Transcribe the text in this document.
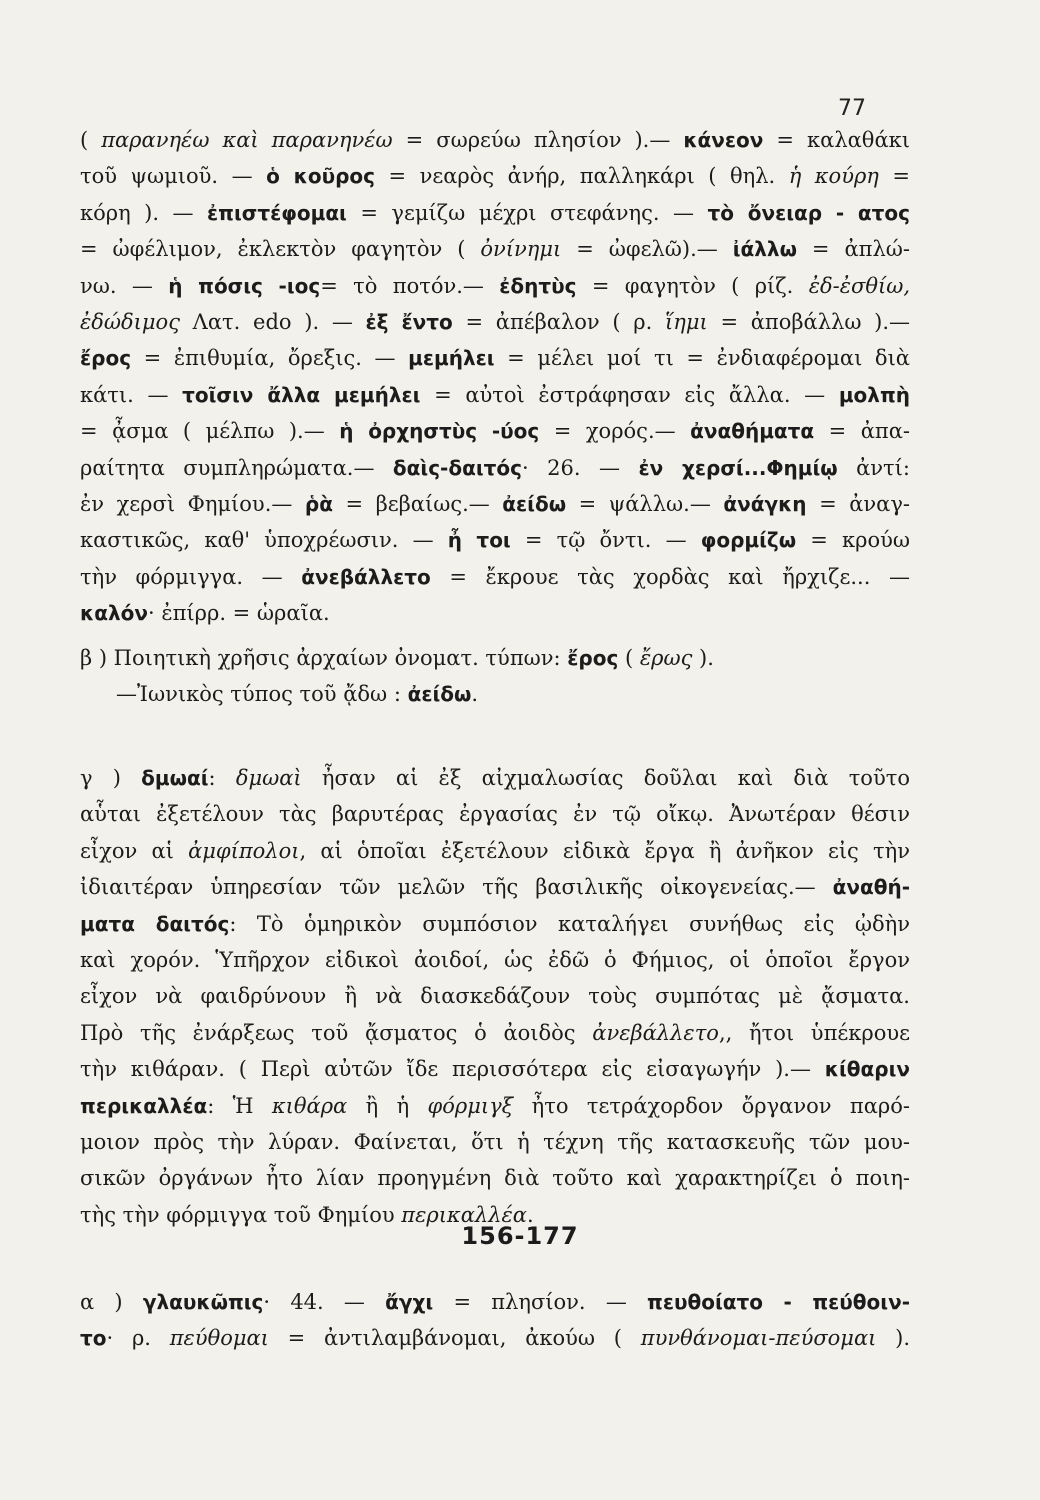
77
( παρανηέω καὶ παρανηνέω = σωρεύω πλησίον ).— κάνεον = καλαθάκι
τοῦ ψωμιοῦ. — ὁ κοῦρος = νεαρὸς ἀνήρ, παλληκάρι ( θηλ. ἡ κούρη =
κόρη ). — ἐπιστέφομαι = γεμίζω μέχρι στεφάνης. — τὸ ὄνειαρ - ατος
= ὠφέλιμον, ἐκλεκτὸν φαγητὸν ( ὀνίνημι = ὠφελῶ).— ἰάλλω = ἀπλώ-
νω. — ἡ πόσις -ιος= τὸ ποτόν.— ἐδητὺς = φαγητὸν ( ρίζ. ἐδ-ἐσθίω,
ἐδώδιμος Λατ. edo ). — ἐξ ἔντο = ἀπέβαλον ( ρ. ἵημι = ἀποβάλλω ).—
ἔρος = ἐπιθυμία, ὄρεξις. — μεμήλει = μέλει μοί τι = ἐνδιαφέρομαι διὰ
κάτι. — τοῖσιν ἄλλα μεμήλει = αὐτοὶ ἐστράφησαν εἰς ἄλλα. — μολπὴ
= ᾆσμα ( μέλπω ).— ἡ ὀρχηστὺς -ύος = χορός.— ἀναθήματα = ἀπα-
ραίτητα συμπληρώματα.— δαὶς-δαιτός· 26. — ἐν χερσί...Φημίῳ ἀντί:
ἐν χερσὶ Φημίου.— ῥὰ = βεβαίως.— ἀείδω = ψάλλω.— ἀνάγκη = ἀναγ-
καστικῶς, καθ' ὑποχρέωσιν. — ἦ τοι = τῷ ὄντι. — φορμίζω = κρούω
τὴν φόρμιγγα. — ἀνεβάλλετο = ἔκρουε τὰς χορδὰς καὶ ἤρχιζε... —
καλόν· ἐπίρρ. = ὡραῖα.
β ) Ποιητικὴ χρῆσις ἀρχαίων ὀνοματ. τύπων: ἔρος ( ἔρως ).
—Ἰωνικὸς τύπος τοῦ ᾄδω : ἀείδω.
γ ) δμωαί: δμωαὶ ἦσαν αἱ ἐξ αἰχμαλωσίας δοῦλαι καὶ διὰ τοῦτο
αὗται ἐξετέλουν τὰς βαρυτέρας ἐργασίας ἐν τῷ οἴκῳ. Ἀνωτέραν θέσιν
εἶχον αἱ ἀμφίπολοι, αἱ ὁποῖαι ἐξετέλουν εἰδικὰ ἔργα ἢ ἀνῆκον εἰς τὴν
ἰδιαιτέραν ὑπηρεσίαν τῶν μελῶν τῆς βασιλικῆς οἰκογενείας.— ἀναθή-
ματα δαιτός: Τὸ ὁμηρικὸν συμπόσιον καταλήγει συνήθως εἰς ᾠδὴν
καὶ χορόν. Ὑπῆρχον εἰδικοὶ ἀοιδοί, ὡς ἐδῶ ὁ Φήμιος, οἱ ὁποῖοι ἔργον
εἶχον νὰ φαιδρύνουν ἢ νὰ διασκεδάζουν τοὺς συμπότας μὲ ᾄσματα.
Πρὸ τῆς ἐνάρξεως τοῦ ᾄσματος ὁ ἀοιδὸς ἀνεβάλλετο,, ἤτοι ὑπέκρουε
τὴν κιθάραν. ( Περὶ αὐτῶν ἴδε περισσότερα εἰς εἰσαγωγήν ).— κίθαριν
περικαλλέα: Ἡ κιθάρα ἢ ἡ φόρμιγξ ἦτο τετράχορδον ὄργανον παρό-
μοιον πρὸς τὴν λύραν. Φαίνεται, ὅτι ἡ τέχνη τῆς κατασκευῆς τῶν μου-
σικῶν ὀργάνων ἦτο λίαν προηγμένη διὰ τοῦτο καὶ χαρακτηρίζει ὁ ποιη-
τὴς τὴν φόρμιγγα τοῦ Φημίου περικαλλέα.
156-177
α ) γλαυκῶπις· 44. — ἄγχι = πλησίον. — πευθοίατο - πεύθοιν-
το· ρ. πεύθομαι = ἀντιλαμβάνομαι, ἀκούω ( πυνθάνομαι-πεύσομαι ).
